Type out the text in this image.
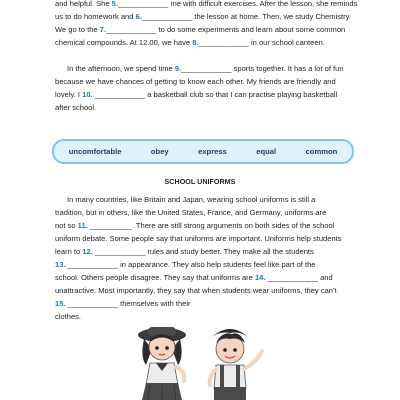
and helpful. She 5.____________ me with difficult exercises. After the lesson, she reminds
us to do homework and 6.____________ the lesson at home. Then, we study Chemistry.
We go to the 7.____________ to do some experiments and learn about some common
chemical compounds. At 12.00, we have 8.____________ in our school canteen.

In the afternoon, we spend time 9.____________ sports together. It has a lot of fun
because we have chances of getting to know each other. My friends are friendly and
lovely. I 10. ____________ a basketball club so that I can practise playing basketball
after school.

uncomfortable	obey	express	equal	common
SCHOOL UNIFORMS

In many countries, like Britain and Japan, wearing school uniforms is still a
tradition, but in others, like the United States, France, and Germany, uniforms are
not so 11. __________. There are still strong arguments on both sides of the school
uniform debate. Some people say that uniforms are important. Uniforms help students
learn to 12. ____________ rules and study better. They make all the students
13. ____________ in appearance. They also help students feel like part of the
school. Others people disagree. They say that uniforms are 14. ____________ and
unattractive. Most importantly, they say that when students wear uniforms, they can’t
15. ____________ themselves with their
clothes.
